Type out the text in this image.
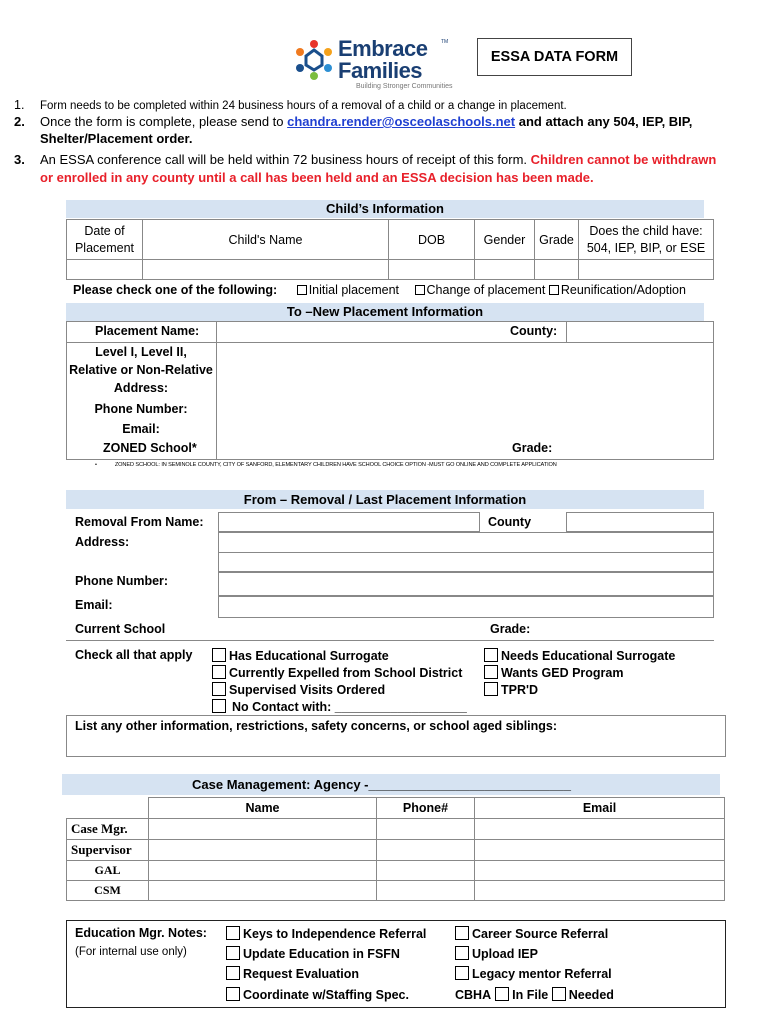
Embrace	TM
Families
Building Stronger Communities
ESSA DATA FORM
1. Form needs to be completed within 24 business hours of a removal of a child or a change in placement.
2. Once the form is complete, please send to chandra.render@osceolaschools.net and attach any 504, IEP, BIP,
Shelter/Placement order.
3.	An ESSA conference call will be held within 72 business hours of receipt of this form. Children cannot be withdrawn or enrolled in any county until a call has been held and an ESSA decision has been made.
Child’s Information
Date of Placement	Child's Name	DOB	Gender	Grade	Does the child have: 504, IEP, BIP, or ESE

Please check one of the following:	Initial placement Change of placement Reunification/Adoption
To –New Placement Information
Placement Name:	County:
Level I, Level II,
Relative or Non-Relative
Address:
Phone Number:
Email:
ZONED School*	Grade:
•	ZONED SCHOOL: IN SEMINOLE COUNTY, CITY OF SANFORD, ELEMENTARY CHILDREN HAVE SCHOOL CHOICE OPTION -MUST GO ONLINE AND COMPLETE APPLICATION
From – Removal / Last Placement Information
Removal From Name:	County
Address:
Phone Number:
Email:
Current School	Grade:
Check all that apply	Has Educational Surrogate
Currently Expelled from School District
Supervised Visits Ordered
No Contact with: ___________________
Needs Educational Surrogate
Wants GED Program
TPR'D
List any other information, restrictions, safety concerns, or school aged siblings:
Case Management: Agency -____________________________
	Name	Phone#	Email
Case Mgr.			
Supervisor			
GAL			
CSM			
Education Mgr. Notes:
(For internal use only)
Keys to Independence Referral
Update Education in FSFN
Request Evaluation
Coordinate w/Staffing Spec.
Career Source Referral
Upload IEP
Legacy mentor Referral
CBHA In File Needed
